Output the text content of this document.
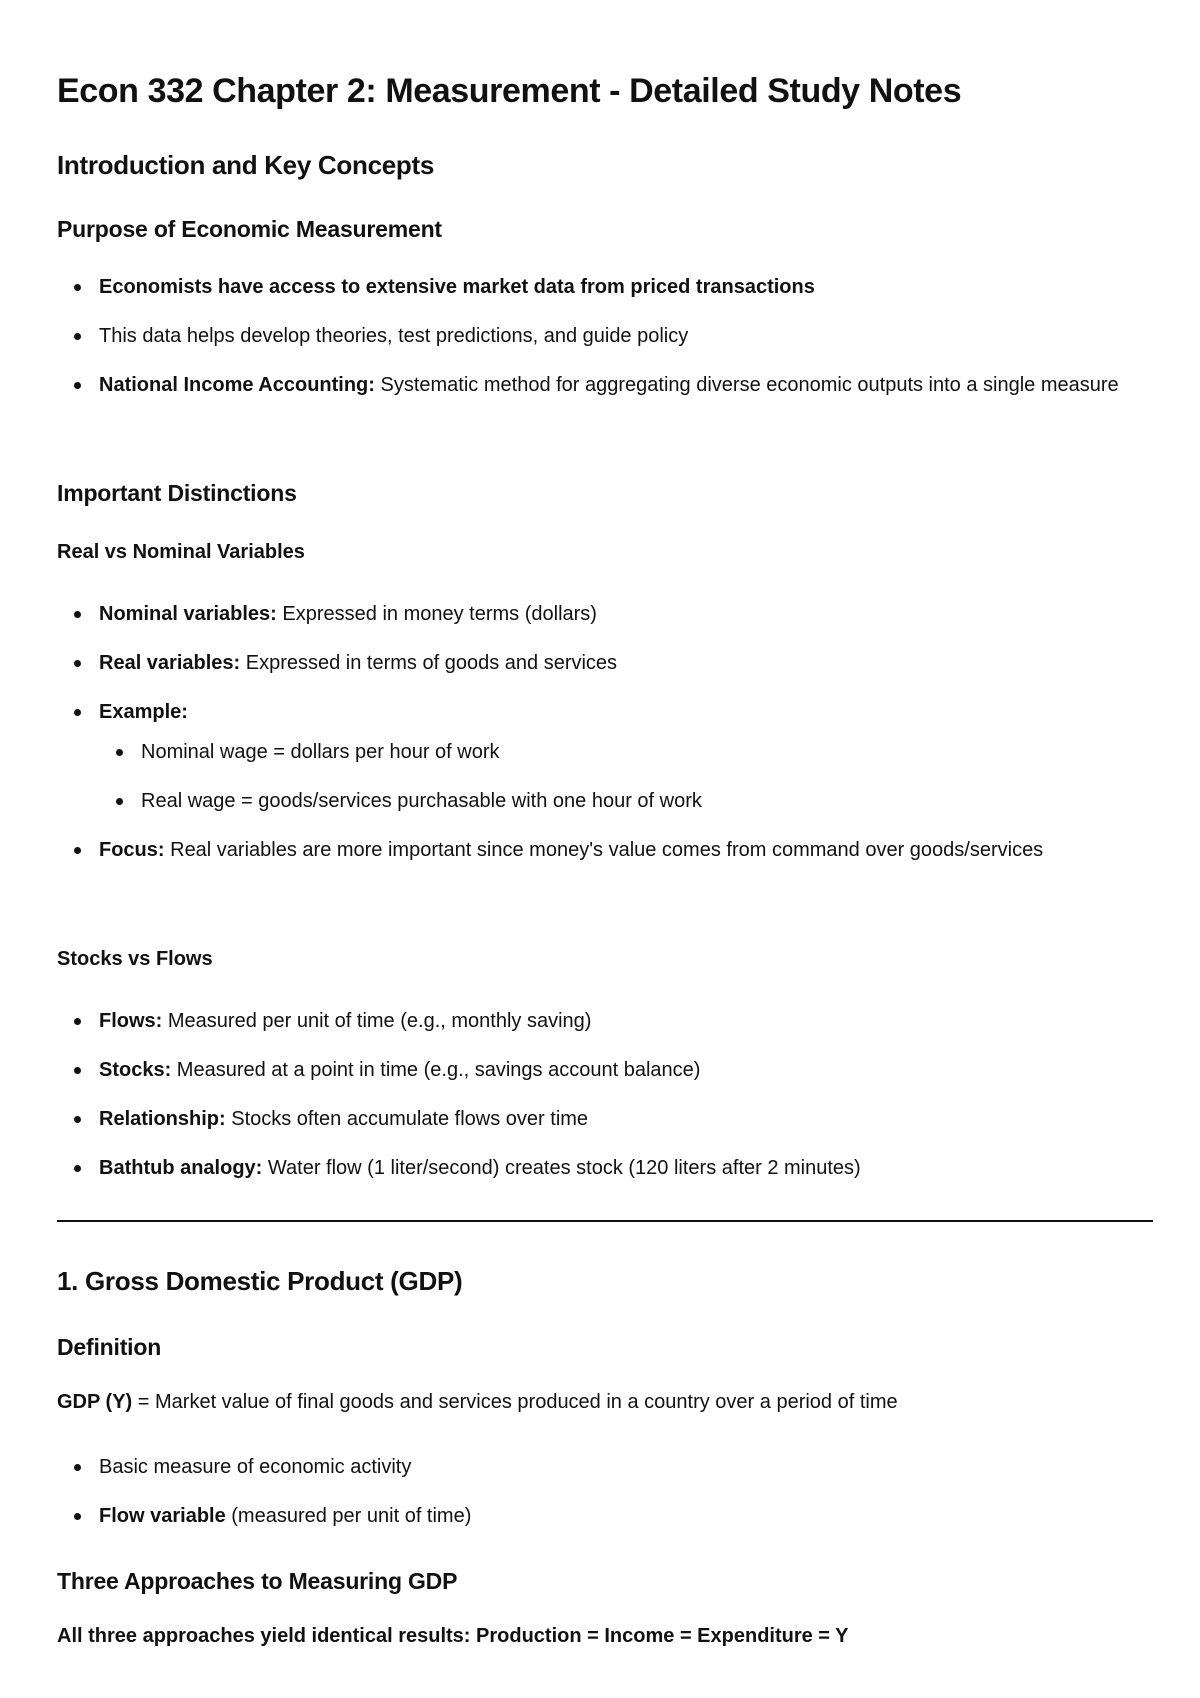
Econ 332 Chapter 2: Measurement - Detailed Study Notes
Introduction and Key Concepts
Purpose of Economic Measurement
Economists have access to extensive market data from priced transactions
This data helps develop theories, test predictions, and guide policy
National Income Accounting: Systematic method for aggregating diverse economic outputs into a single measure
Important Distinctions
Real vs Nominal Variables
Nominal variables: Expressed in money terms (dollars)
Real variables: Expressed in terms of goods and services
Example:
Nominal wage = dollars per hour of work
Real wage = goods/services purchasable with one hour of work
Focus: Real variables are more important since money's value comes from command over goods/services
Stocks vs Flows
Flows: Measured per unit of time (e.g., monthly saving)
Stocks: Measured at a point in time (e.g., savings account balance)
Relationship: Stocks often accumulate flows over time
Bathtub analogy: Water flow (1 liter/second) creates stock (120 liters after 2 minutes)
1. Gross Domestic Product (GDP)
Definition

GDP (Y) = Market value of final goods and services produced in a country over a period of time

Basic measure of economic activity
Flow variable (measured per unit of time)
Three Approaches to Measuring GDP

All three approaches yield identical results: Production = Income = Expenditure = Y
